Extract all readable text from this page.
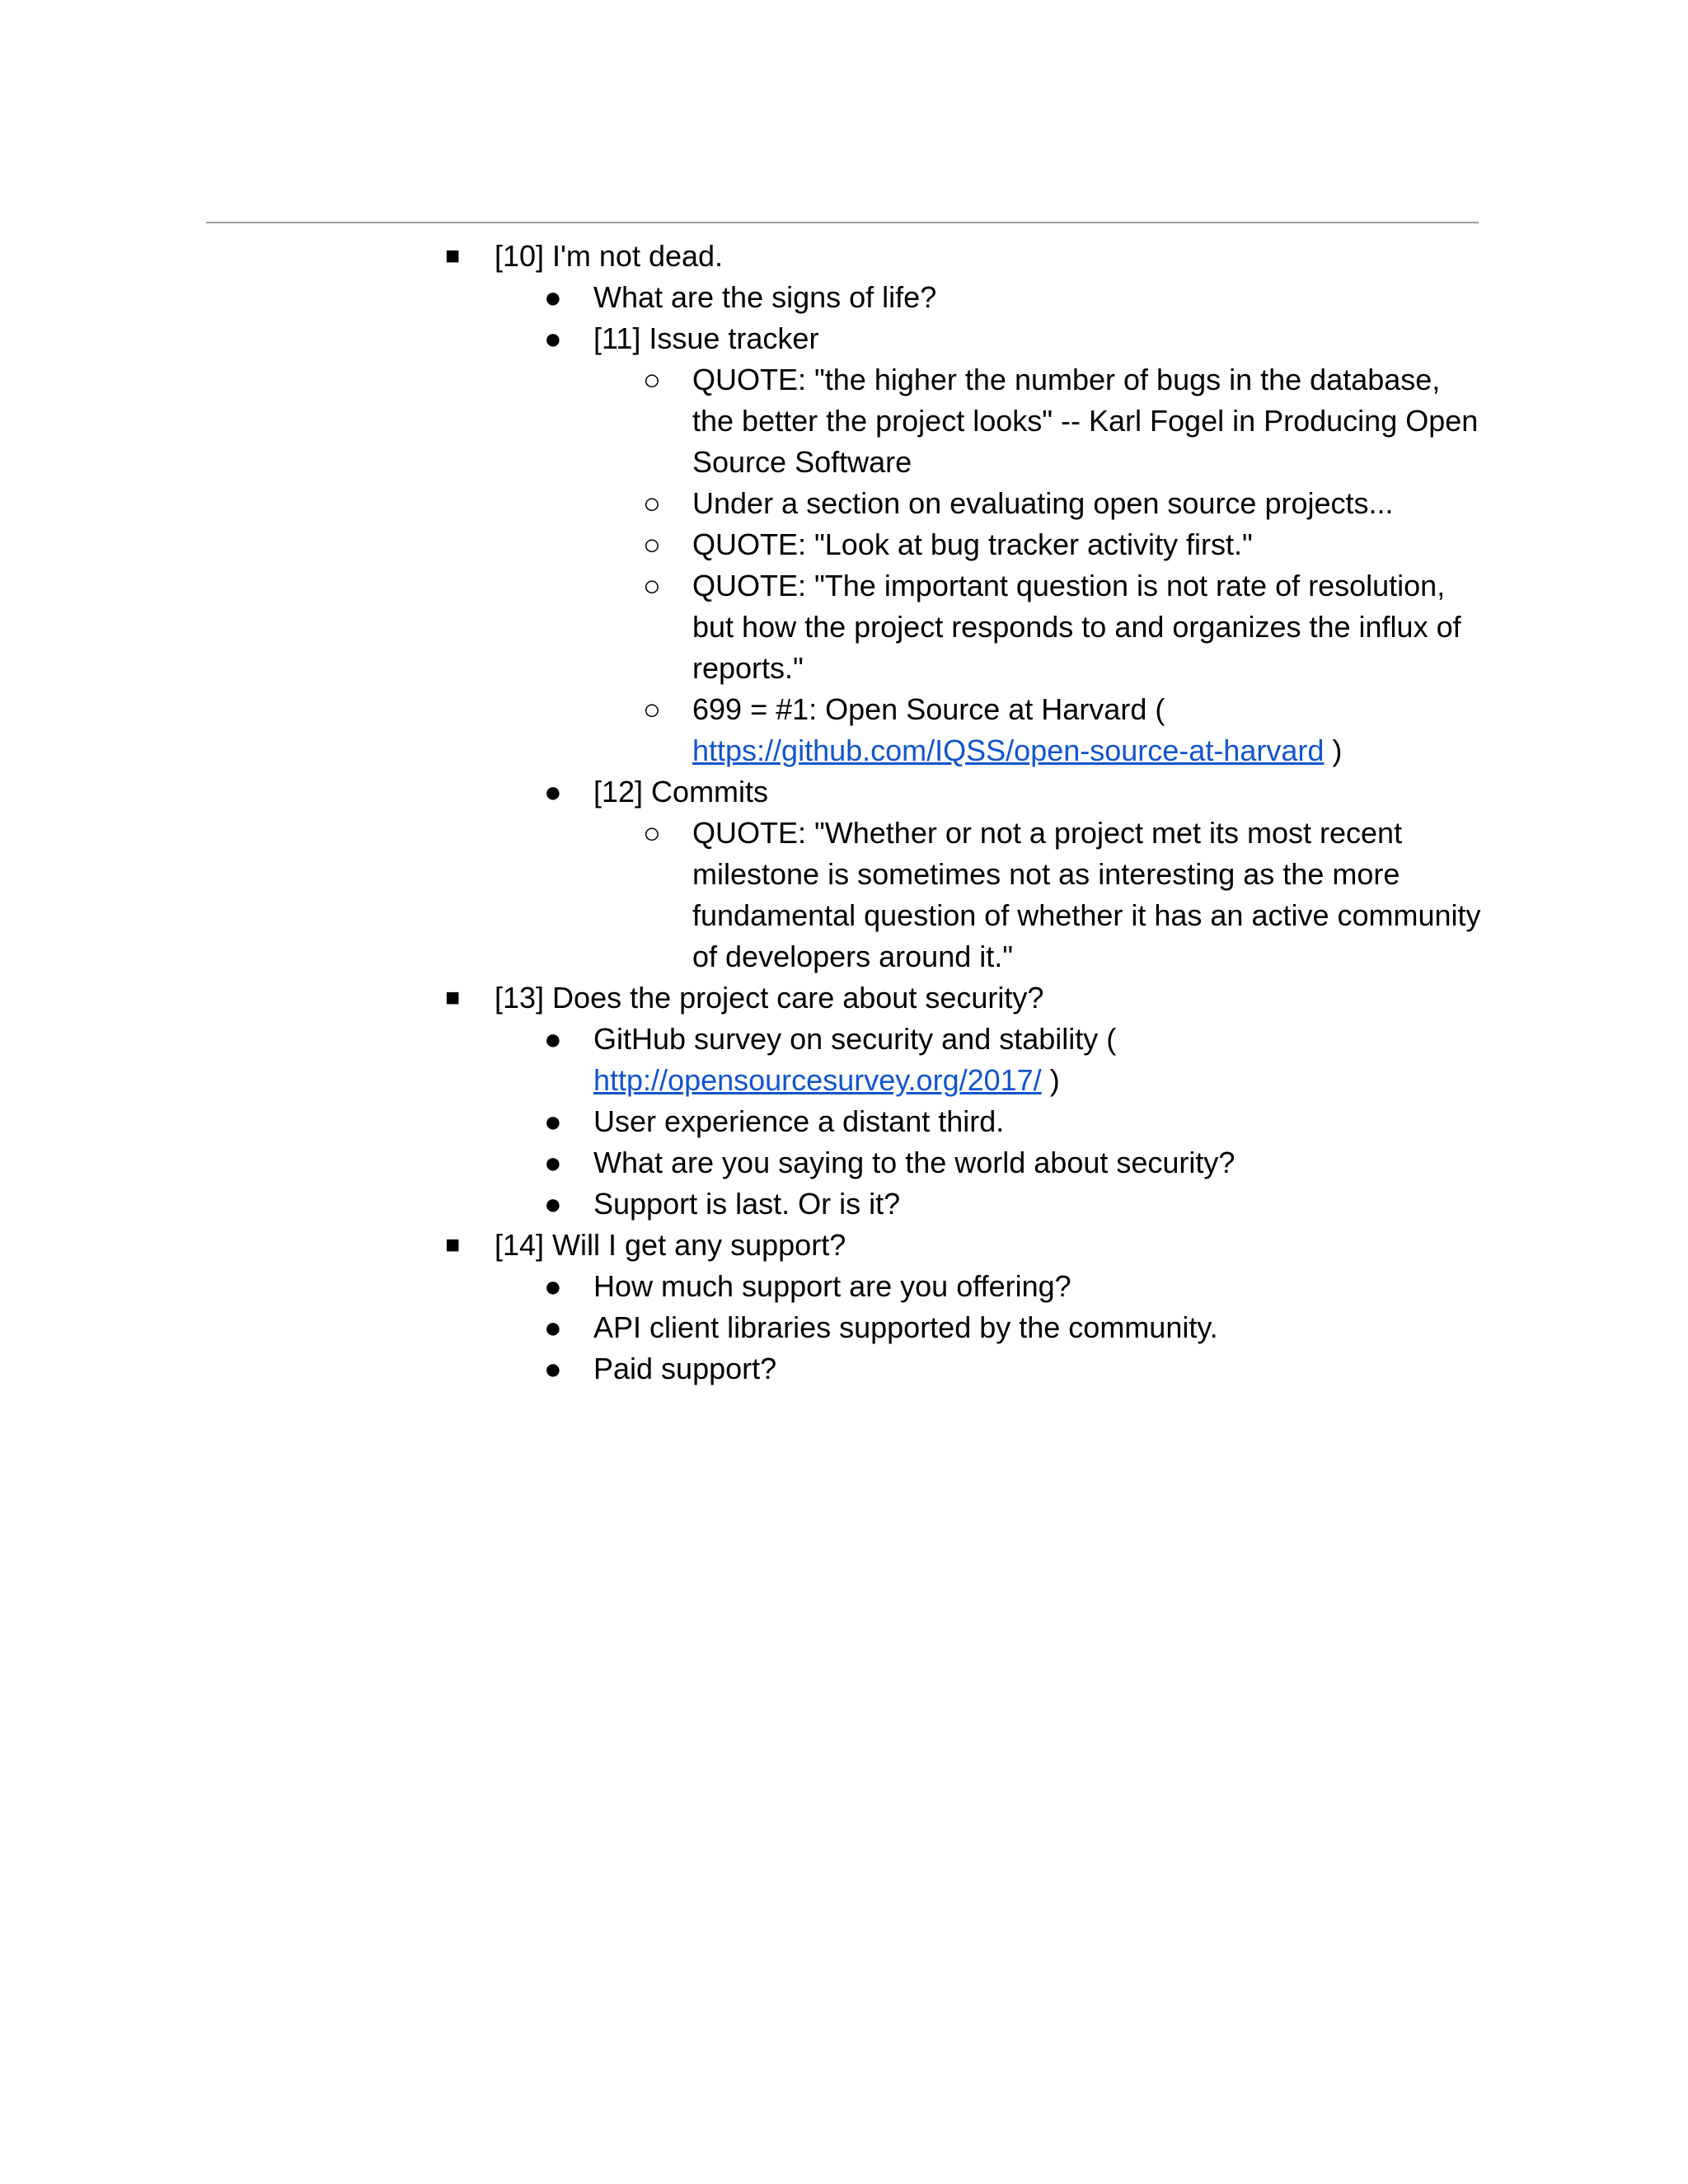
■ [10] I'm not dead.
● What are the signs of life?
● [11] Issue tracker
○ QUOTE: "the higher the number of bugs in the database, the better the project looks" -- Karl Fogel in Producing Open Source Software
○ Under a section on evaluating open source projects...
○ QUOTE: "Look at bug tracker activity first."
○ QUOTE: "The important question is not rate of resolution, but how the project responds to and organizes the influx of reports."
○ 699 = #1: Open Source at Harvard (
https://github.com/IQSS/open-source-at-harvard )
● [12] Commits
○ QUOTE: "Whether or not a project met its most recent milestone is sometimes not as interesting as the more fundamental question of whether it has an active community of developers around it."
■ [13] Does the project care about security?
● GitHub survey on security and stability (
http://opensourcesurvey.org/2017/ )
● User experience a distant third.
● What are you saying to the world about security?
● Support is last. Or is it?
■ [14] Will I get any support?
● How much support are you offering?
● API client libraries supported by the community.
● Paid support?
